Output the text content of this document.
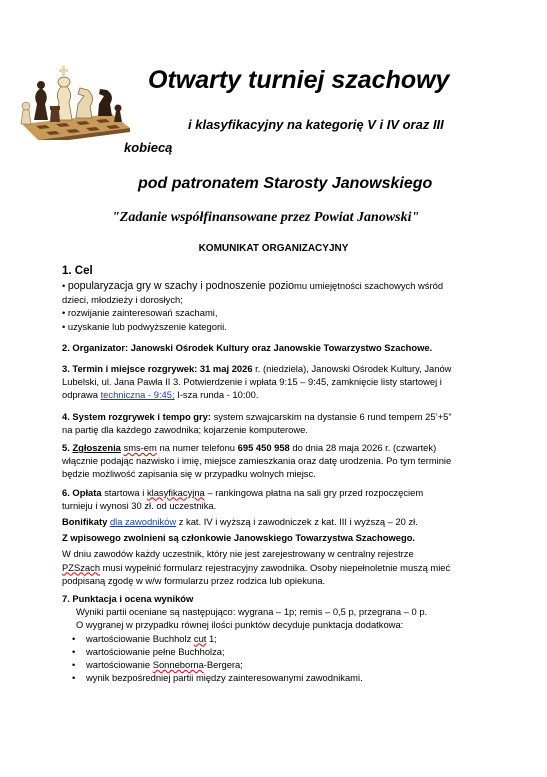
Otwarty turniej szachowy
i klasyfikacyjny na kategorię V i IV oraz III
kobiecą
pod patronatem Starosty Janowskiego
"Zadanie współfinansowane przez Powiat Janowski"
KOMUNIKAT ORGANIZACYJNY

1. Cel

• popularyzacja gry w szachy i podnoszenie poziomu umiejętności szachowych wśród

dzieci, młodzieży i dorosłych;

• rozwijanie zainteresowań szachami,

• uzyskanie lub podwyższenie kategorii.

2. Organizator: Janowski Ośrodek Kultury oraz Janowskie Towarzystwo Szachowe.

3. Termin i miejsce rozgrywek: 31 maj 2026 r. (niedziela), Janowski Ośrodek Kultury, Janów

Lubelski, ul. Jana Pawła II 3. Potwierdzenie i wpłata 9:15 – 9:45, zamknięcie listy startowej i

odprawa techniczna - 9:45; I-sza runda - 10:00.

4. System rozgrywek i tempo gry: system szwajcarskim na dystansie 6 rund tempem 25’+5”

na partię dla każdego zawodnika; kojarzenie komputerowe.

5. Zgłoszenia sms-em na numer telefonu 695 450 958 do dnia 28 maja 2026 r. (czwartek)

włącznie podając nazwisko i imię, miejsce zamieszkania oraz datę urodzenia. Po tym terminie

będzie możliwość zapisania się w przypadku wolnych miejsc.

6. Opłata startowa i klasyfikacyjna – rankingowa płatna na sali gry przed rozpoczęciem

turnieju i wynosi 30 zł. od uczestnika.

Bonifikaty dla zawodników z kat. IV i wyższą i zawodniczek z kat. III i wyższą – 20 zł.

Z wpisowego zwolnieni są członkowie Janowskiego Towarzystwa Szachowego.

W dniu zawodów każdy uczestnik, który nie jest zarejestrowany w centralny rejestrze

PZSzach musi wypełnić formularz rejestracyjny zawodnika. Osoby niepełnoletnie muszą mieć

podpisaną zgodę w w/w formularzu przez rodzica lub opiekuna.

7. Punktacja i ocena wyników

Wyniki partii oceniane są następująco: wygrana – 1p; remis – 0,5 p, przegrana – 0 p.

O wygranej w przypadku równej ilości punktów decyduje punktacja dodatkowa:

• wartościowanie Buchholz cut 1;

• wartościowanie pełne Buchholza;

• wartościowanie Sonneborna-Bergera;

• wynik bezpośredniej partii między zainteresowanymi zawodnikami.
